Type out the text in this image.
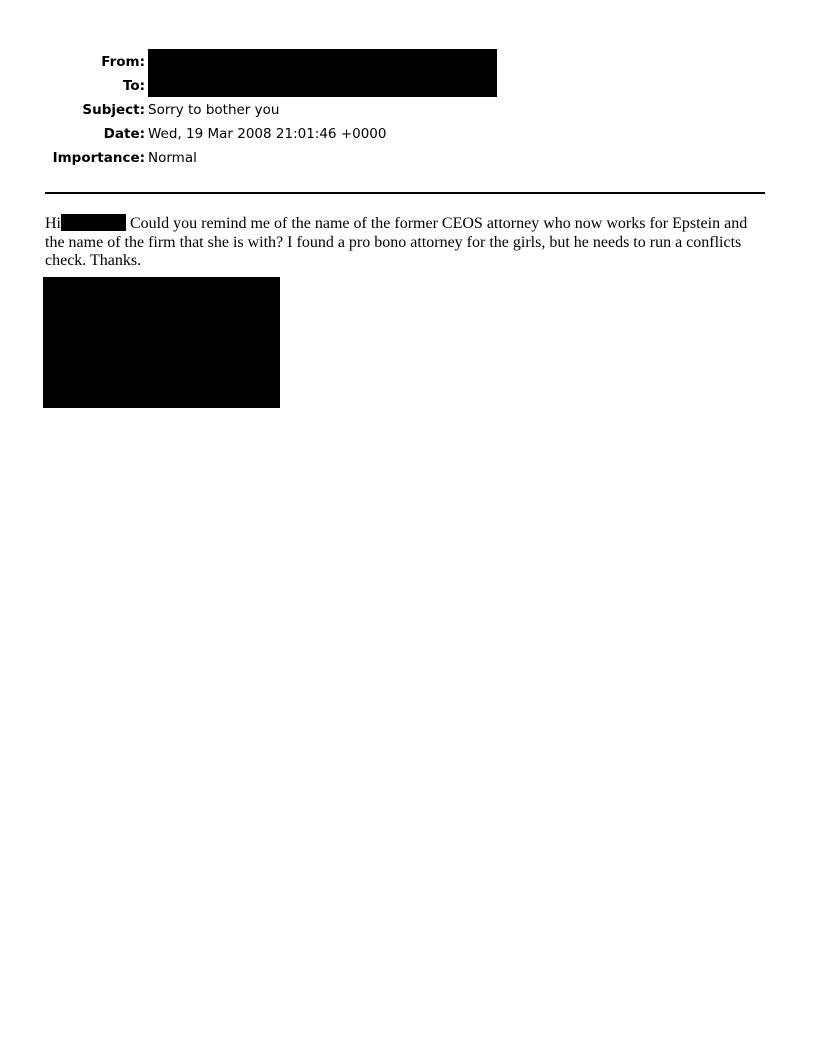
From:
To:
Subject: Sorry to bother you
Date: Wed, 19 Mar 2008 21:01:46 +0000
Importance: Normal
Hi	Could you remind me of the name of the former CEOS attorney who now works for Epstein and the name of the firm that she is with? I found a pro bono attorney for the girls, but he needs to run a conflicts check. Thanks.
